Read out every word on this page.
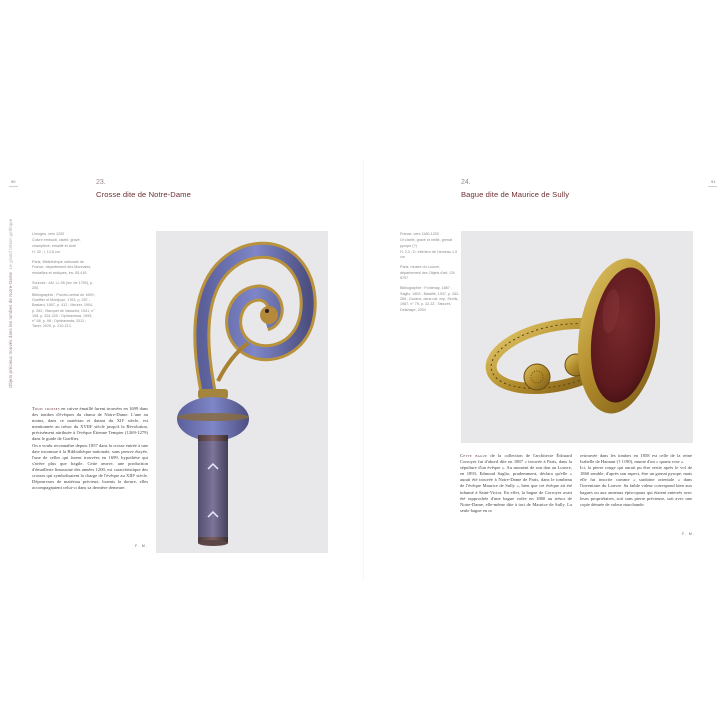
90
Objets précieux trouvés dans les tombes de Notre-Dame  Le grand trésor gothique
23.
Crosse dite de Notre-Dame

Limoges, vers 1200

Cuivre embouti, ciselé, gravé, champlevé, émaillé et doré

H. 30 ; l. 13,5 cm

Paris, Bibliothèque nationale de France, département des Monnaies, médailles et antiques, inv. 55.416

Sources : AN, LL 98 (inv. de 1759), p. 200.

Bibliographie : Procès-verbal de 1699 ; Gueffier et Montjoye, 1763, p. 287 ; Bastard, 1857, p. 412 ; Meurer, 1904, p. 262 ; Marquet de Vasselot, 1941, n° 198, p. 324-325 ; Ophtravesta, 1995, n° 68, p. 98 ; Ophtravesta, 2011 ; Taver, 2020, p. 210-213

Trois crosses en cuivre émaillé furent trouvées en 1699 dans des tombes d'évêques du chœur de Notre-Dame. L'une au moins, dans ce matériau et datant du XIIᵉ siècle, est mentionnée au trésor du XVIIIᵉ siècle jusqu'à la Révolution, précisément attribuée à l'évêque Étienne Tempier (1269-1279) dans le guide de Gueffier.

On a voulu reconnaître depuis 1857 dans la crosse entrée à une date inconnue à la Bibliothèque nationale, sans preuve étayée, l'une de celles qui furent trouvées en 1699, hypothèse qui s'avère plus que fragile. Cette œuvre, une production d'émaillerie limousine des années 1200, est caractéristique des crosses qui symbolisaient la charge de l'évêque au XIIIᵉ siècle. Dépourvues de matériau précieux, hormis la dorure, elles accompagnaient celui-ci dans sa dernière demeure.

F. M.
91
24.
Bague dite de Maurice de Sully

France, vers 1180-1200

Or ciselé, gravé et niellé, grenat pyrope (?)

H. 2,3 ; D. intérieur de l'anneau 1,9 cm

Paris, musée du Louvre, département des Objets d'art, OA 5757

Bibliographie : Fontenay, 1887 ; Saglio, 1893 ; Bataillé, 1937, p. 262-266 ; Durand, dans cat. exp. Senlis, 1987, n° 75, p. 32-33 ; Taburet-Delahaye, 2004

Cette bague de la collection de l'architecte Édouard Corroyer fut d'abord dite en 1887 « trouvée à Paris, dans la sépulture d'un évêque ». Au moment de son don au Louvre, en 1893, Edmond Saglio, prudemment, déclara qu'elle « aurait été trouvée à Notre-Dame de Paris, dans le tombeau de l'évêque Maurice de Sully », bien que cet évêque ait été inhumé à Saint-Victor. En effet, la bague de Corroyer avait été rapprochée d'une bague volée en 1860 au trésor de Notre-Dame, elle-même dite à tort de Maurice de Sully. La seule bague en or

retrouvée dans les tombes en 1858 est celle de la reine Isabelle de Hainaut († 1190), munie d'un « quartz rose ».

Ici, la pierre rouge qui aurait pu être sertie après le vol de 1860 semble, d'après son aspect, être un grenat pyrope, mais elle fut inscrite comme « sardoine orientale » dans l'inventaire du Louvre. Sa faible valeur correspond bien aux bagues ou aux anneaux épiscopaux qui étaient enterrés avec leurs propriétaires, soit sans pierre précieuse, soit avec une copie dénuée de valeur marchande.

F. M.
